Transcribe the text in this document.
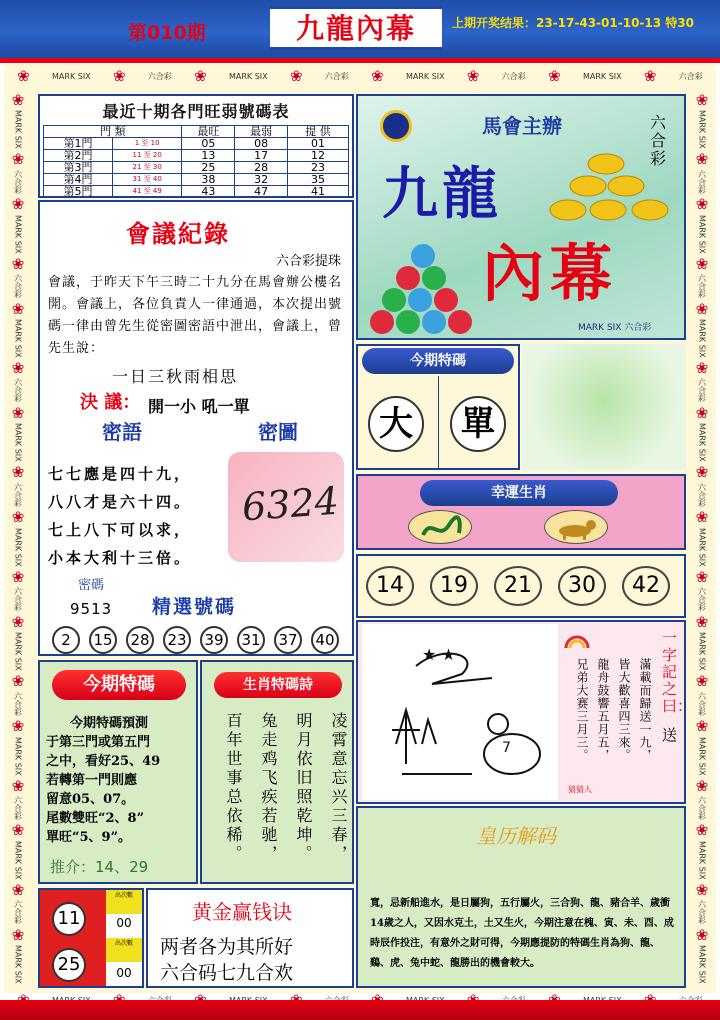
第010期	九龍內幕	上期开奖结果：23-17-43-01-10-13 特30
❀	MARK SIX ❀	六合彩 ❀	MARK SIX ❀	六合彩 ❀	MARK SIX ❀	六合彩 ❀	MARK SIX ❀	六合彩
❀
MARK SIX
❀
六合彩
❀
MARK SIX
❀
六合彩
❀
MARK SIX
❀
六合彩
❀
MARK SIX
❀
六合彩
❀
MARK SIX
❀
六合彩
❀
MARK SIX
❀
六合彩
❀
MARK SIX
❀
六合彩
❀
MARK SIX
❀
六合彩
❀
MARK SIX
❀
MARK SIX
❀
六合彩
❀
MARK SIX
❀
六合彩
❀
MARK SIX
❀
六合彩
❀
MARK SIX
❀
六合彩
❀
MARK SIX
❀
六合彩
❀
MARK SIX
❀
六合彩
❀
MARK SIX
❀
六合彩
❀
MARK SIX
❀
六合彩
❀
MARK SIX
最近十期各門旺弱號碼表
門 類		最旺	最弱	提 供
第1門	1 至 10	05	08	01
第2門	11 至 20	13	17	12
第3門	21 至 30	25	28	23
第4門	31 至 40	38	32	35
第5門	41 至 49	43	47	41
會議紀錄
六合彩提珠
會議，于昨天下午三時二十九分在馬會辦公樓名開。會議上，各位負責人一律通過，本次提出號碼一律由曾先生從密圖密語中泄出，會議上，曾先生說：
一日三秋雨相思
決 議： 開一小 吼一單
密語	密圖
七七應是四十九，
八八才是六十四。
七上八下可以求，
小本大利十三倍。
6324
密碼
9513 精選號碼
2	15 28 23 39 31 37 40
馬會主辦	六合彩
九龍
內幕
MARK SIX 六合彩
今期特碼
大	單
幸運生肖
14	19	21	30	42
★ ★
7	滿載而歸送一九，
皆大歡喜四三來。
龍舟鼓響五月五，
兄弟大赛三月三。
猜猜人
一字記之曰：
送
今期特碼
今期特碼預測
于第三門或第五門
之中，看好25、49
若轉第一門則應
留意05、07。
尾數雙旺“2、8”
單旺“5、9”。
推介：14、29
生肖特碼詩
凌霄意忘兴三春，
明月依旧照乾坤。
兔走鸡飞疾若驰，
百年世事总依稀。	皇历解码
寬，忌新船進水，是日屬狗，五行屬火，三合狗、龍、豬合羊、歲衝14歲之人，又因水克土，土又生火，今期注意在槐、寅、未、酉、成時辰作投注，有意外之財可得，今期應提防的特碼生肖為狗、龍、鷄、虎、兔中蛇、龍勝出的機會較大。
11
25
出次數
00
出次數
00
黄金赢钱诀
两者各为其所好
六合码七九合欢
